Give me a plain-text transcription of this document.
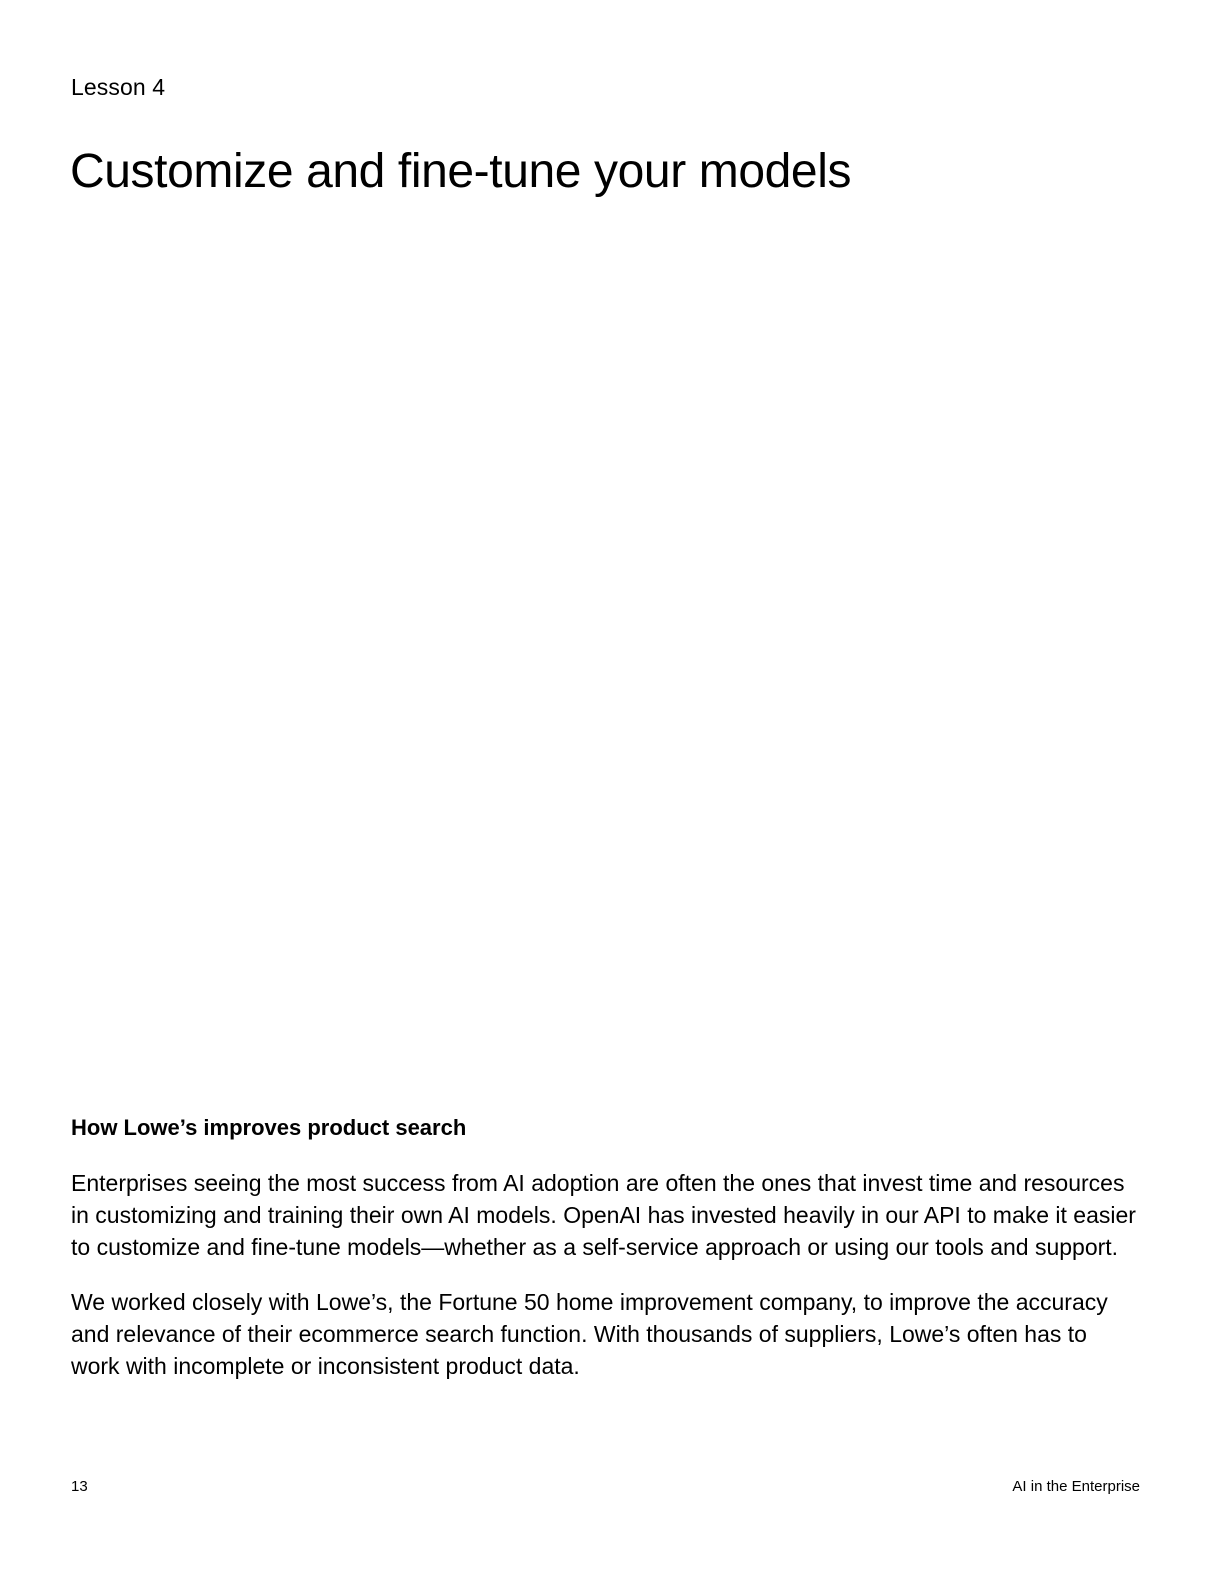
Lesson 4
Customize and fine-tune your models
How Lowe’s improves product search

Enterprises seeing the most success from AI adoption are often the ones that invest time and resources in customizing and training their own AI models. OpenAI has invested heavily in our API to make it easier to customize and fine-tune models—whether as a self-service approach or using our tools and support.

We worked closely with Lowe’s, the Fortune 50 home improvement company, to improve the accuracy and relevance of their ecommerce search function. With thousands of suppliers, Lowe’s often has to work with incomplete or inconsistent product data.

13	AI in the Enterprise
